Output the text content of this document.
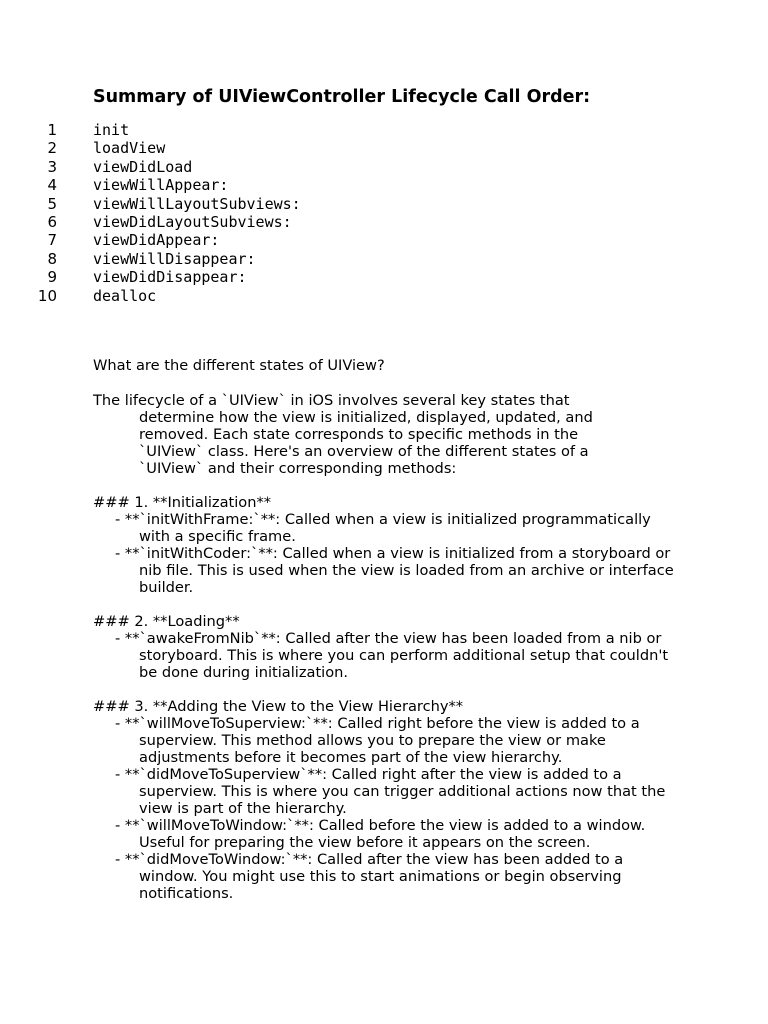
Summary of UIViewController Lifecycle Call Order:
1 init
2 loadView
3 viewDidLoad
4 viewWillAppear:
5 viewWillLayoutSubviews:
6 viewDidLayoutSubviews:
7 viewDidAppear:
8 viewWillDisappear:
9 viewDidDisappear:
10 dealloc
What are the different states of UIView?

The lifecycle of a `UIView` in iOS involves several key states that determine how the view is initialized, displayed, updated, and removed. Each state corresponds to specific methods in the `UIView` class. Here's an overview of the different states of a `UIView` and their corresponding methods:

### 1. **Initialization**

- **`initWithFrame:`**: Called when a view is initialized programmatically with a specific frame.

- **`initWithCoder:`**: Called when a view is initialized from a storyboard or nib file. This is used when the view is loaded from an archive or interface builder.

### 2. **Loading**

- **`awakeFromNib`**: Called after the view has been loaded from a nib or storyboard. This is where you can perform additional setup that couldn't be done during initialization.

### 3. **Adding the View to the View Hierarchy**

- **`willMoveToSuperview:`**: Called right before the view is added to a superview. This method allows you to prepare the view or make adjustments before it becomes part of the view hierarchy.

- **`didMoveToSuperview`**: Called right after the view is added to a superview. This is where you can trigger additional actions now that the view is part of the hierarchy.

- **`willMoveToWindow:`**: Called before the view is added to a window. Useful for preparing the view before it appears on the screen.

- **`didMoveToWindow:`**: Called after the view has been added to a window. You might use this to start animations or begin observing notifications.
